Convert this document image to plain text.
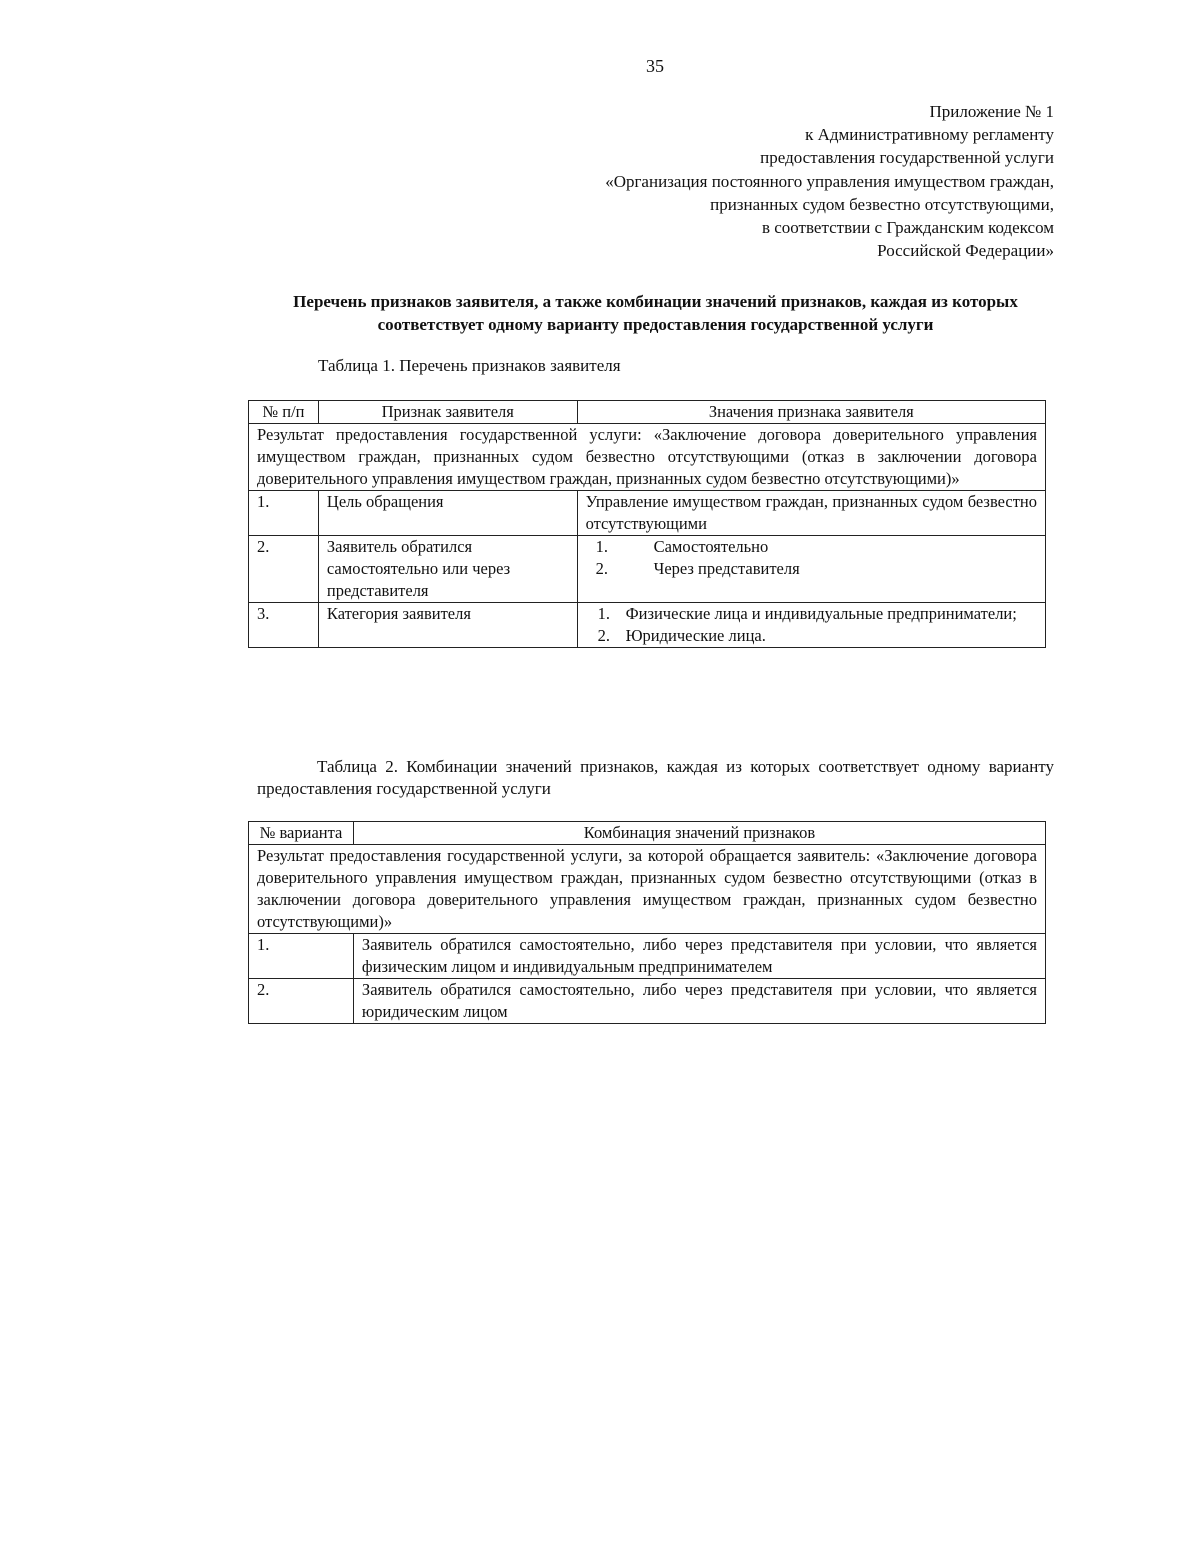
35
Приложение № 1
к Административному регламенту
предоставления государственной услуги
«Организация постоянного управления имуществом граждан,
признанных судом безвестно отсутствующими,
в соответствии с Гражданским кодексом
Российской Федерации»
Перечень признаков заявителя, а также комбинации значений признаков, каждая из которых соответствует одному варианту предоставления государственной услуги
Таблица 1. Перечень признаков заявителя
№ п/п	Признак заявителя	Значения признака заявителя
Результат предоставления государственной услуги: «Заключение договора доверительного управления имуществом граждан, признанных судом безвестно отсутствующими (отказ в заключении договора доверительного управления имуществом граждан, признанных судом безвестно отсутствующими)»		
1.	Цель обращения	Управление имуществом граждан, признанных судом безвестно отсутствующими
2.	Заявитель обратился самостоятельно или через представителя	1. Самостоятельно
2. Через представителя

3.	Категория заявителя	1. Физические лица и индивидуальные предприниматели;
2. Юридические лица.
Таблица 2. Комбинации значений признаков, каждая из которых соответствует одному варианту предоставления государственной услуги
№ варианта	Комбинация значений признаков
Результат предоставления государственной услуги, за которой обращается заявитель: «Заключение договора доверительного управления имуществом граждан, признанных судом безвестно отсутствующими (отказ в заключении договора доверительного управления имуществом граждан, признанных судом безвестно отсутствующими)»	
1.	Заявитель обратился самостоятельно, либо через представителя при условии, что является физическим лицом и индивидуальным предпринимателем
2.	Заявитель обратился самостоятельно, либо через представителя при условии, что является юридическим лицом
